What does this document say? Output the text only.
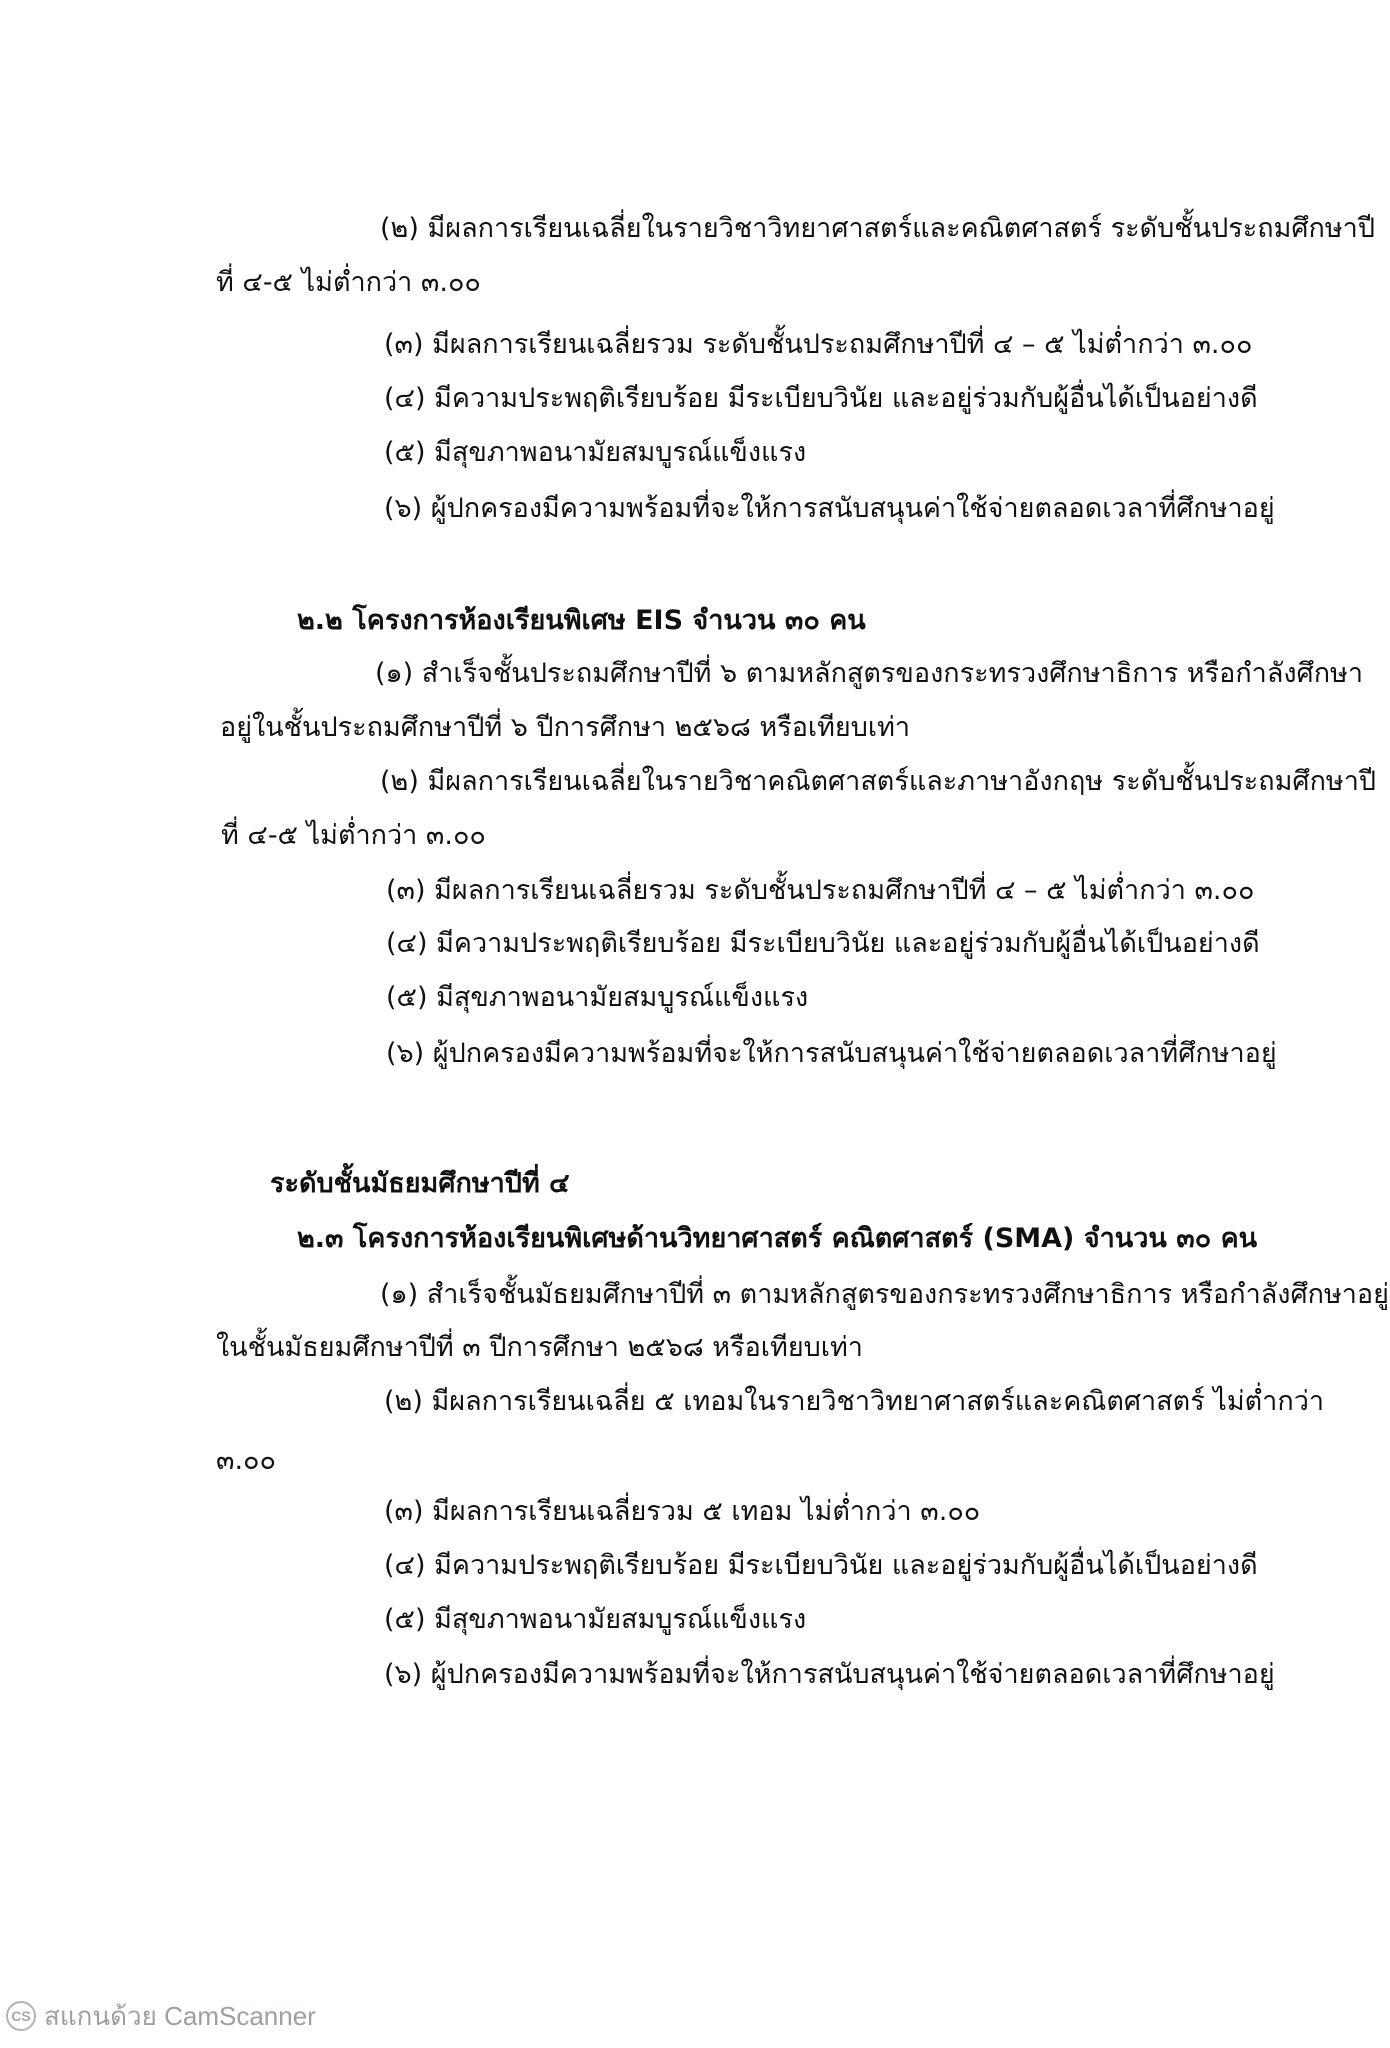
(๒) มีผลการเรียนเฉลี่ยในรายวิชาวิทยาศาสตร์และคณิตศาสตร์ ระดับชั้นประถมศึกษาปี
ที่ ๔-๕ ไม่ต่ำกว่า ๓.๐๐
(๓) มีผลการเรียนเฉลี่ยรวม ระดับชั้นประถมศึกษาปีที่ ๔ – ๕ ไม่ต่ำกว่า ๓.๐๐
(๔) มีความประพฤติเรียบร้อย มีระเบียบวินัย และอยู่ร่วมกับผู้อื่นได้เป็นอย่างดี
(๕) มีสุขภาพอนามัยสมบูรณ์แข็งแรง
(๖) ผู้ปกครองมีความพร้อมที่จะให้การสนับสนุนค่าใช้จ่ายตลอดเวลาที่ศึกษาอยู่
๒.๒ โครงการห้องเรียนพิเศษ EIS จำนวน ๓๐ คน
(๑) สำเร็จชั้นประถมศึกษาปีที่ ๖ ตามหลักสูตรของกระทรวงศึกษาธิการ หรือกำลังศึกษา
อยู่ในชั้นประถมศึกษาปีที่ ๖ ปีการศึกษา ๒๕๖๘ หรือเทียบเท่า
(๒) มีผลการเรียนเฉลี่ยในรายวิชาคณิตศาสตร์และภาษาอังกฤษ ระดับชั้นประถมศึกษาปี
ที่ ๔-๕ ไม่ต่ำกว่า ๓.๐๐
(๓) มีผลการเรียนเฉลี่ยรวม ระดับชั้นประถมศึกษาปีที่ ๔ – ๕ ไม่ต่ำกว่า ๓.๐๐
(๔) มีความประพฤติเรียบร้อย มีระเบียบวินัย และอยู่ร่วมกับผู้อื่นได้เป็นอย่างดี
(๕) มีสุขภาพอนามัยสมบูรณ์แข็งแรง
(๖) ผู้ปกครองมีความพร้อมที่จะให้การสนับสนุนค่าใช้จ่ายตลอดเวลาที่ศึกษาอยู่
ระดับชั้นมัธยมศึกษาปีที่ ๔
๒.๓ โครงการห้องเรียนพิเศษด้านวิทยาศาสตร์ คณิตศาสตร์ (SMA) จำนวน ๓๐ คน
(๑) สำเร็จชั้นมัธยมศึกษาปีที่ ๓ ตามหลักสูตรของกระทรวงศึกษาธิการ หรือกำลังศึกษาอยู่
ในชั้นมัธยมศึกษาปีที่ ๓ ปีการศึกษา ๒๕๖๘ หรือเทียบเท่า
(๒) มีผลการเรียนเฉลี่ย ๕ เทอมในรายวิชาวิทยาศาสตร์และคณิตศาสตร์ ไม่ต่ำกว่า
๓.๐๐
(๓) มีผลการเรียนเฉลี่ยรวม ๕ เทอม ไม่ต่ำกว่า ๓.๐๐
(๔) มีความประพฤติเรียบร้อย มีระเบียบวินัย และอยู่ร่วมกับผู้อื่นได้เป็นอย่างดี
(๕) มีสุขภาพอนามัยสมบูรณ์แข็งแรง
(๖) ผู้ปกครองมีความพร้อมที่จะให้การสนับสนุนค่าใช้จ่ายตลอดเวลาที่ศึกษาอยู่
CS สแกนด้วย CamScanner
